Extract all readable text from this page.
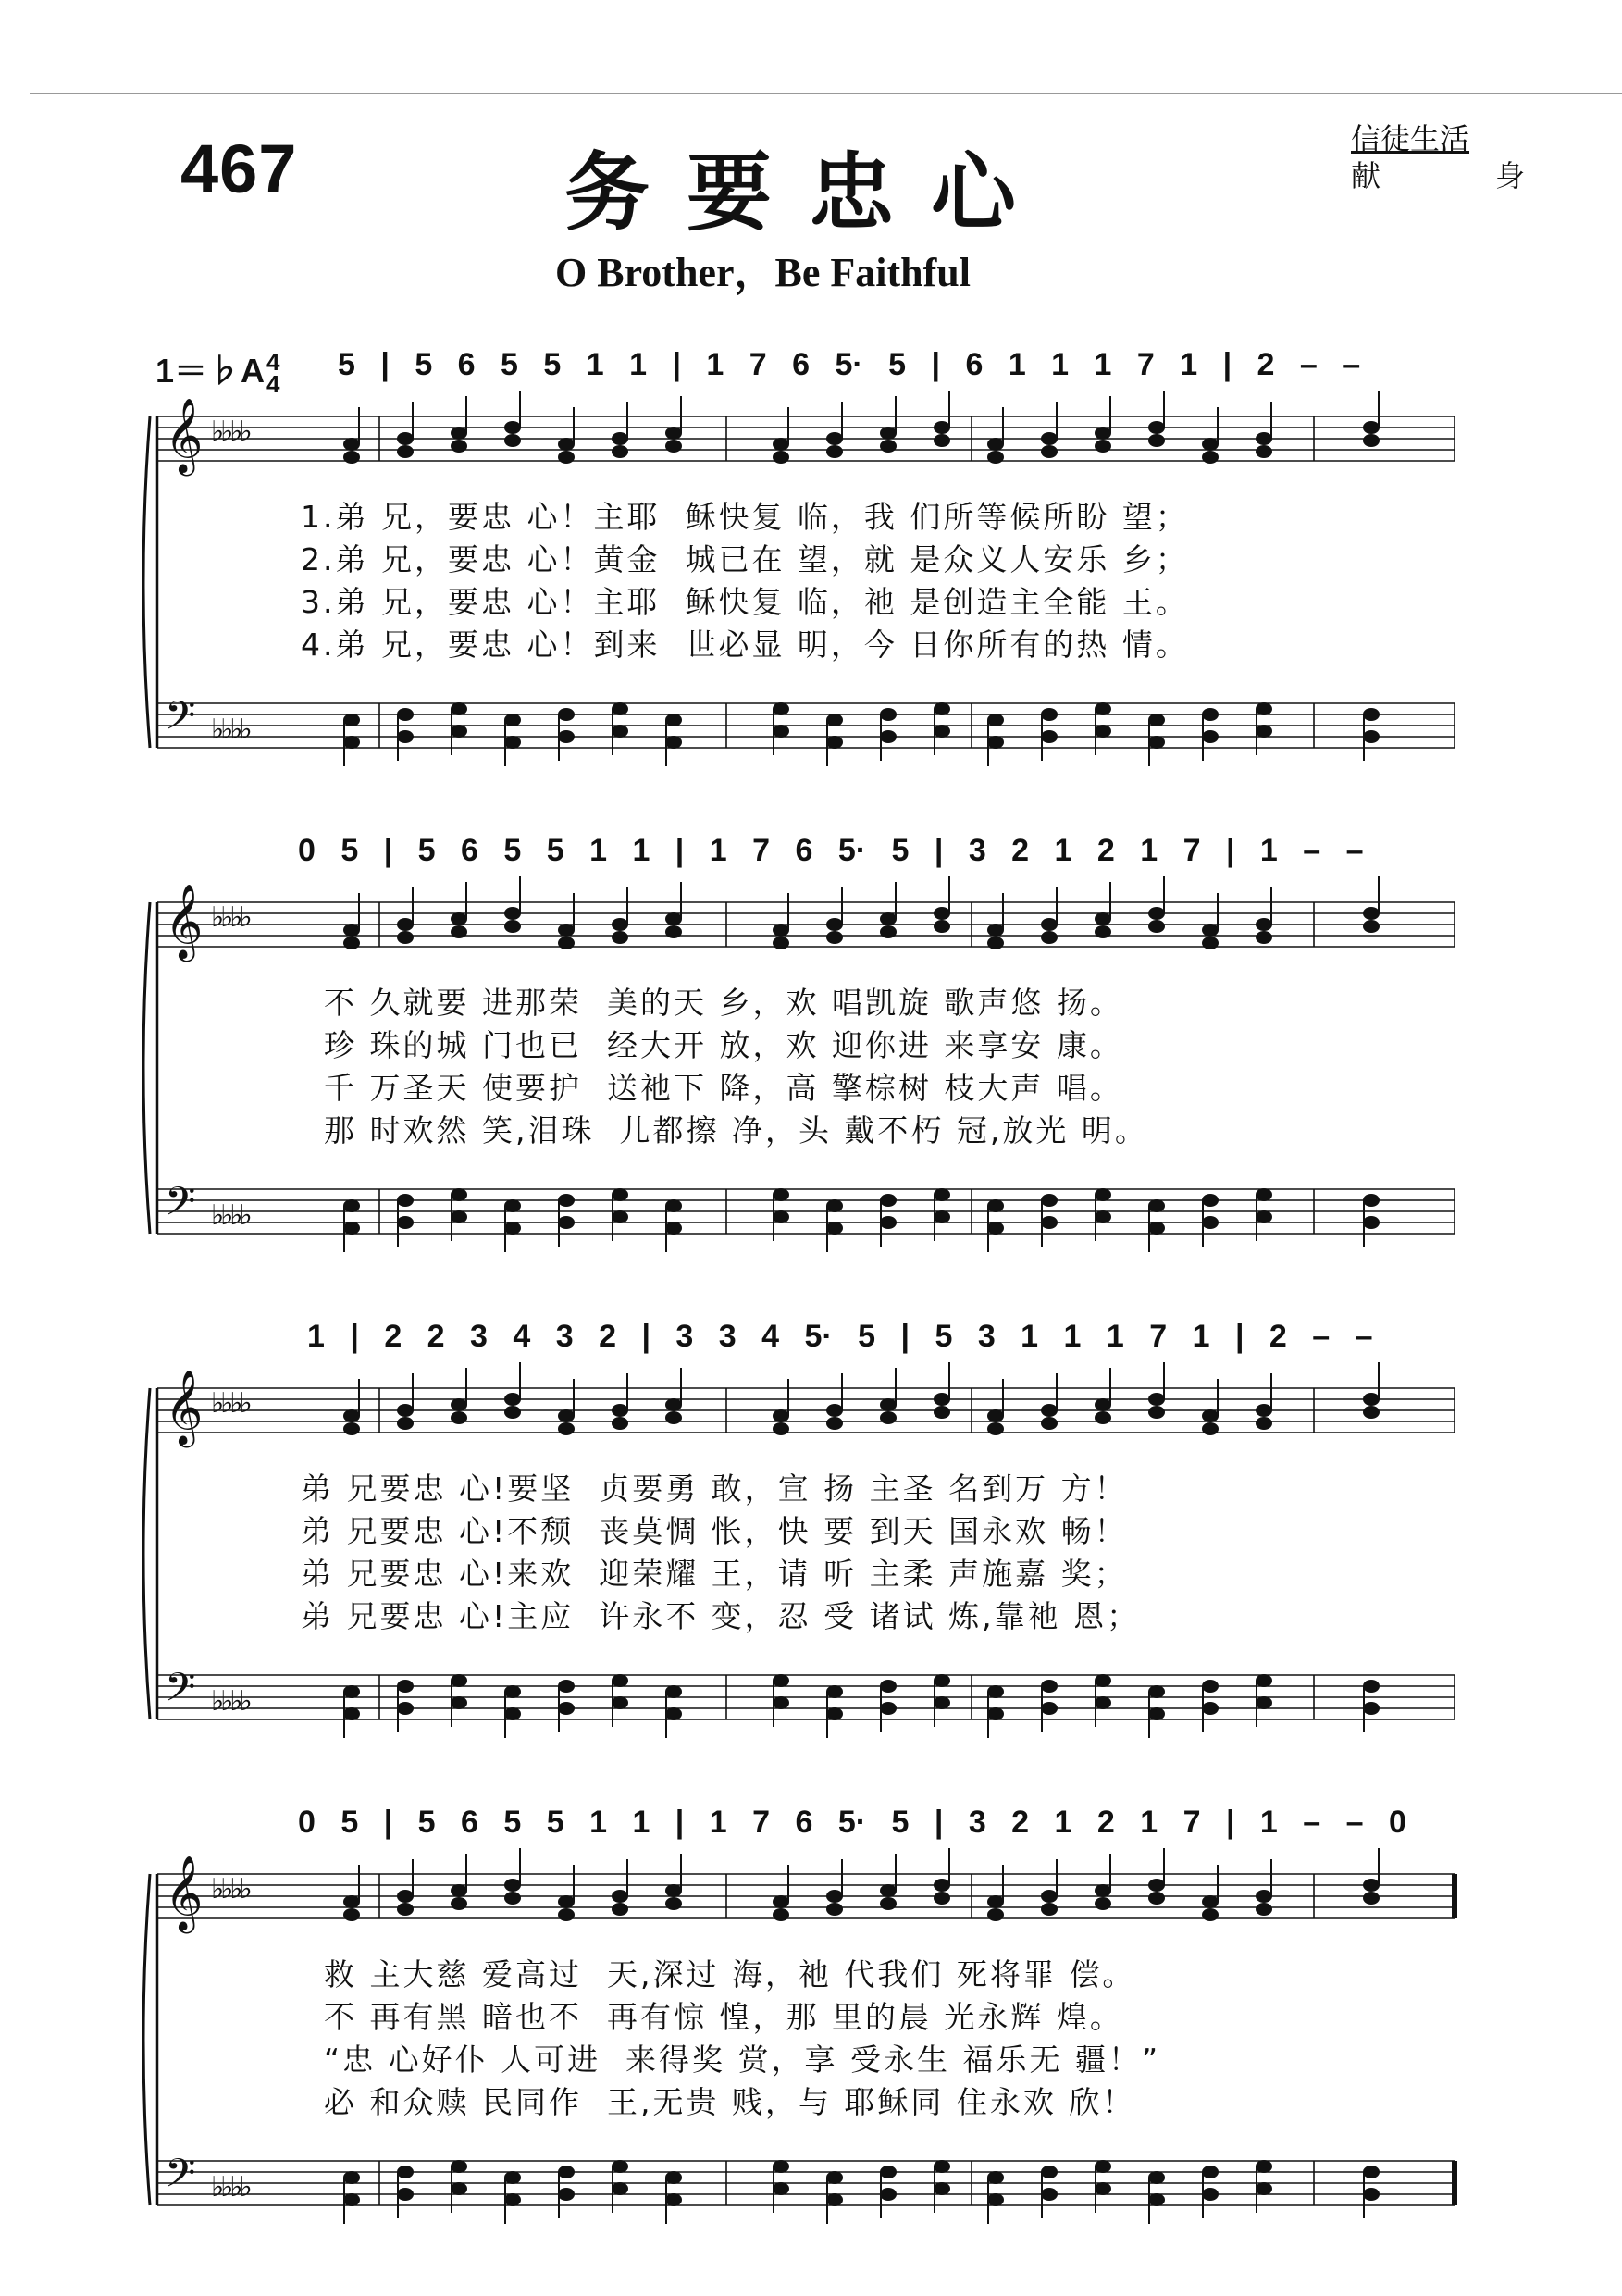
467	务要忠心
O Brother，Be Faithful
信徒生活
献　身
1＝♭A4
4
5 | 5 6 5 5 1 1 | 1 7 6 5· 5 | 6 1 1 1 7 1 | 2 – –
𝄞
𝄢
♭♭♭♭
♭♭♭♭
1.弟 兄，要忠 心！主耶  稣快复 临，我 们所等候所盼 望；
2.弟 兄，要忠 心！黄金  城已在 望，就 是众义人安乐 乡；
3.弟 兄，要忠 心！主耶  稣快复 临，祂 是创造主全能 王。
4.弟 兄，要忠 心！到来  世必显 明，今 日你所有的热 情。
0 5 | 5 6 5 5 1 1 | 1 7 6 5· 5 | 3 2 1 2 1 7 | 1 – –
𝄞
𝄢
♭♭♭♭
♭♭♭♭
不 久就要 进那荣  美的天 乡，欢 唱凯旋 歌声悠 扬。
珍 珠的城 门也已  经大开 放，欢 迎你进 来享安 康。
千 万圣天 使要护  送祂下 降，高 擎棕树 枝大声 唱。
那 时欢然 笑,泪珠  儿都擦 净，头 戴不朽 冠,放光 明。
1 | 2 2 3 4 3 2 | 3 3 4 5· 5 | 5 3 1 1 1 7 1 | 2 – –
𝄞
𝄢
♭♭♭♭
♭♭♭♭
弟 兄要忠 心!要坚  贞要勇 敢，宣 扬 主圣 名到万 方！
弟 兄要忠 心!不颓  丧莫惆 怅，快 要 到天 国永欢 畅！
弟 兄要忠 心!来欢  迎荣耀 王，请 听 主柔 声施嘉 奖；
弟 兄要忠 心!主应  许永不 变，忍 受 诸试 炼,靠祂 恩；
0 5 | 5 6 5 5 1 1 | 1 7 6 5· 5 | 3 2 1 2 1 7 | 1 – – 0
𝄞
𝄢
♭♭♭♭
♭♭♭♭
救 主大慈 爱高过  天,深过 海，祂 代我们 死将罪 偿。
不 再有黑 暗也不  再有惊 惶，那 里的晨 光永辉 煌。
“忠 心好仆 人可进  来得奖 赏，享 受永生 福乐无 疆！”
必 和众赎 民同作  王,无贵 贱，与 耶稣同 住永欢 欣！
